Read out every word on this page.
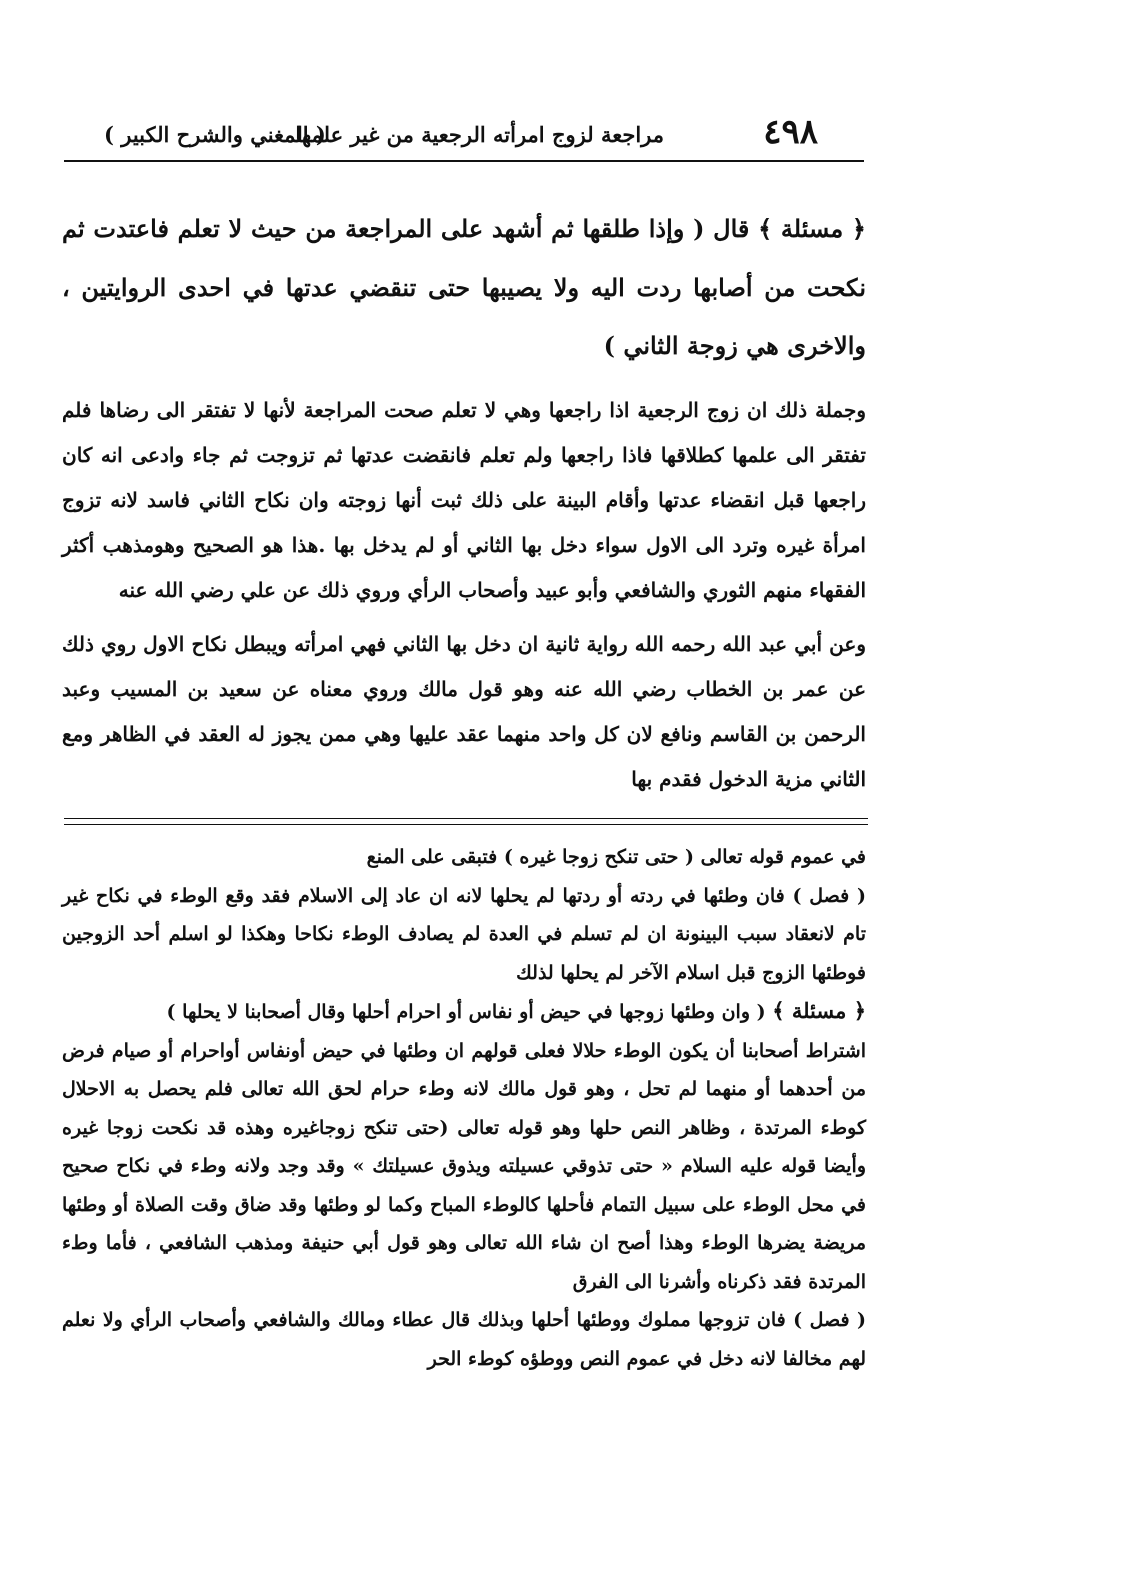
٤٩٨
مراجعة لزوج امرأته الرجعية من غير علمها
( المغني والشرح الكبير )

﴿ مسئلة ﴾ قال ( وإذا طلقها ثم أشهد على المراجعة من حيث لا تعلم فاعتدت ثم نكحت من أصابها ردت اليه ولا يصيبها حتى تنقضي عدتها في احدى الروايتين ، والاخرى هي زوجة الثاني )

وجملة ذلك ان زوج الرجعية اذا راجعها وهي لا تعلم صحت المراجعة لأنها لا تفتقر الى رضاها فلم تفتقر الى علمها كطلاقها فاذا راجعها ولم تعلم فانقضت عدتها ثم تزوجت ثم جاء وادعى انه كان راجعها قبل انقضاء عدتها وأقام البينة على ذلك ثبت أنها زوجته وان نكاح الثاني فاسد لانه تزوج امرأة غيره وترد الى الاول سواء دخل بها الثاني أو لم يدخل بها .هذا هو الصحيح وهومذهب أكثر الفقهاء منهم الثوري والشافعي وأبو عبيد وأصحاب الرأي وروي ذلك عن علي رضي الله عنه

وعن أبي عبد الله رحمه الله رواية ثانية ان دخل بها الثاني فهي امرأته ويبطل نكاح الاول روي ذلك عن عمر بن الخطاب رضي الله عنه وهو قول مالك وروي معناه عن سعيد بن المسيب وعبد الرحمن بن القاسم ونافع لان كل واحد منهما عقد عليها وهي ممن يجوز له العقد في الظاهر ومع الثاني مزية الدخول فقدم بها

في عموم قوله تعالى ( حتى تنكح زوجا غيره ) فتبقى على المنع

( فصل ) فان وطئها في ردته أو ردتها لم يحلها لانه ان عاد إلى الاسلام فقد وقع الوطء في نكاح غير تام لانعقاد سبب البينونة ان لم تسلم في العدة لم يصادف الوطء نكاحا وهكذا لو اسلم أحد الزوجين فوطئها الزوج قبل اسلام الآخر لم يحلها لذلك

﴿ مسئلة ﴾ ( وان وطئها زوجها في حيض أو نفاس أو احرام أحلها وقال أصحابنا لا يحلها )

اشتراط أصحابنا أن يكون الوطء حلالا فعلى قولهم ان وطئها في حيض أونفاس أواحرام أو صيام فرض من أحدهما أو منهما لم تحل ، وهو قول مالك لانه وطء حرام لحق الله تعالى فلم يحصل به الاحلال كوطء المرتدة ، وظاهر النص حلها وهو قوله تعالى (حتى تنكح زوجاغيره وهذه قد نكحت زوجا غيره وأيضا قوله عليه السلام « حتى تذوقي عسيلته ويذوق عسيلتك » وقد وجد ولانه وطء في نكاح صحيح في محل الوطء على سبيل التمام فأحلها كالوطء المباح وكما لو وطئها وقد ضاق وقت الصلاة أو وطئها مريضة يضرها الوطء وهذا أصح ان شاء الله تعالى وهو قول أبي حنيفة ومذهب الشافعي ، فأما وطء المرتدة فقد ذكرناه وأشرنا الى الفرق

( فصل ) فان تزوجها مملوك ووطئها أحلها وبذلك قال عطاء ومالك والشافعي وأصحاب الرأي ولا نعلم لهم مخالفا لانه دخل في عموم النص ووطؤه كوطء الحر
